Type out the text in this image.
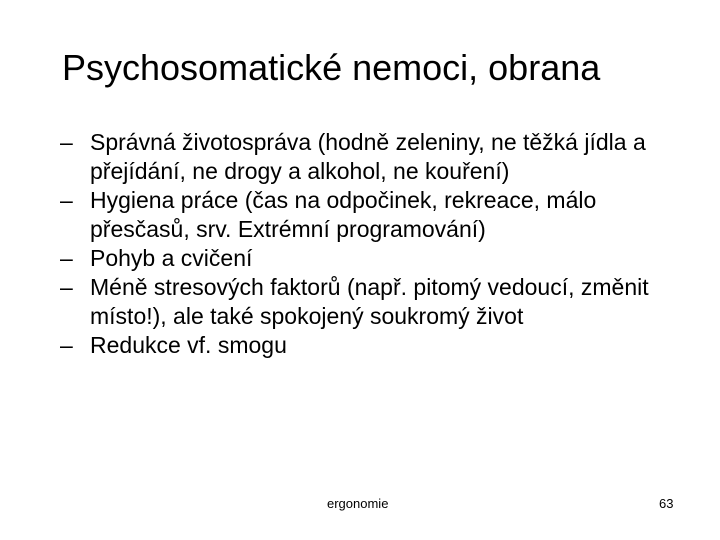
Psychosomatické nemoci, obrana
– Správná životospráva (hodně zeleniny, ne těžká jídla a přejídání, ne drogy a alkohol, ne kouření)
– Hygiena práce (čas na odpočinek, rekreace, málo přesčasů, srv. Extrémní programování)
– Pohyb a cvičení
– Méně stresových faktorů (např. pitomý vedoucí, změnit místo!), ale také spokojený soukromý život
– Redukce vf. smogu
ergonomie	63
